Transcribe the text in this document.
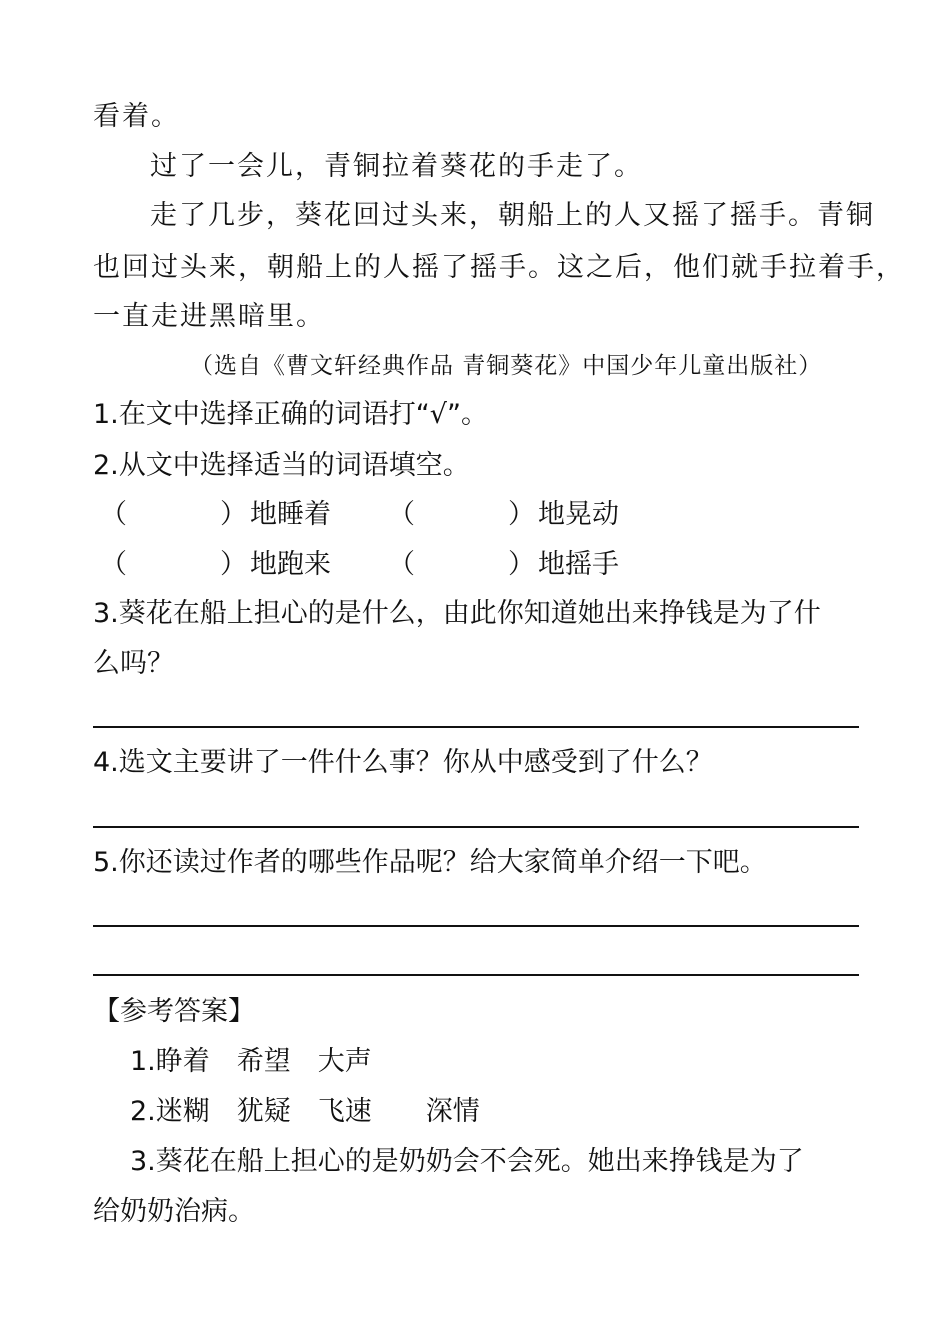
看着。
过了一会儿，青铜拉着葵花的手走了。
走了几步，葵花回过头来，朝船上的人又摇了摇手。青铜
也回过头来，朝船上的人摇了摇手。这之后，他们就手拉着手，
一直走进黑暗里。
（选自《曹文轩经典作品 青铜葵花》中国少年儿童出版社）
1.在文中选择正确的词语打“√”。
2.从文中选择适当的词语填空。
（	） 地睡着 （	） 地晃动
（	） 地跑来 （	） 地摇手
3.葵花在船上担心的是什么，由此你知道她出来挣钱是为了什
么吗？
4.选文主要讲了一件什么事？你从中感受到了什么？
5.你还读过作者的哪些作品呢？给大家简单介绍一下吧。
【参考答案】
1.睁着　希望　大声
2.迷糊　犹疑　飞速　　深情
3.葵花在船上担心的是奶奶会不会死。她出来挣钱是为了
给奶奶治病。
